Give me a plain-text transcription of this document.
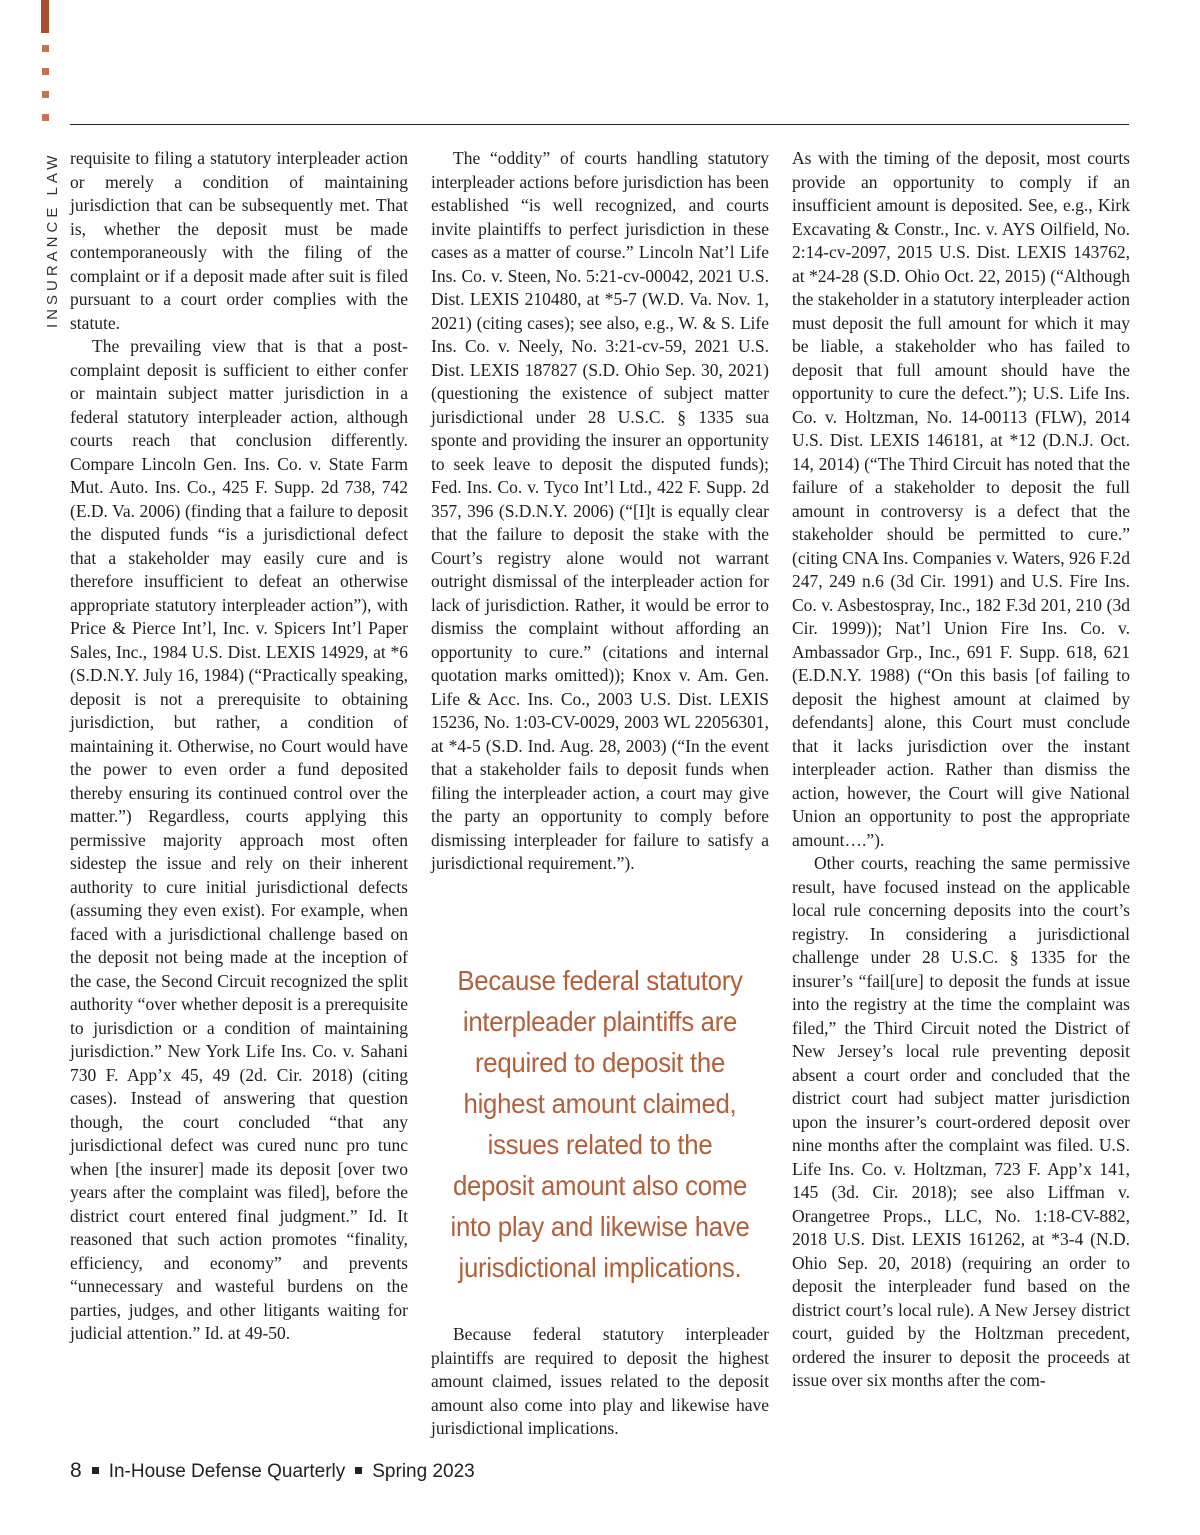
INSURANCE LAW requisite to filing a statutory interpleader action or merely a condition of maintaining jurisdiction that can be subsequently met. That is, whether the deposit must be made contemporaneously with the filing of the complaint or if a deposit made after suit is filed pursuant to a court order complies with the statute.

The prevailing view that is that a post-complaint deposit is sufficient to either confer or maintain subject matter jurisdiction in a federal statutory interpleader action, although courts reach that conclusion differently. Compare Lincoln Gen. Ins. Co. v. State Farm Mut. Auto. Ins. Co., 425 F. Supp. 2d 738, 742 (E.D. Va. 2006) (finding that a failure to deposit the disputed funds “is a jurisdictional defect that a stakeholder may easily cure and is therefore insufficient to defeat an otherwise appropriate statutory interpleader action”), with Price & Pierce Int’l, Inc. v. Spicers Int’l Paper Sales, Inc., 1984 U.S. Dist. LEXIS 14929, at *6 (S.D.N.Y. July 16, 1984) (“Practically speaking, deposit is not a prerequisite to obtaining jurisdiction, but rather, a condition of maintaining it. Otherwise, no Court would have the power to even order a fund deposited thereby ensuring its continued control over the matter.”) Regardless, courts applying this permissive majority approach most often sidestep the issue and rely on their inherent authority to cure initial jurisdictional defects (assuming they even exist). For example, when faced with a jurisdictional challenge based on the deposit not being made at the inception of the case, the Second Circuit recognized the split authority “over whether deposit is a prerequisite to jurisdiction or a condition of maintaining jurisdiction.” New York Life Ins. Co. v. Sahani 730 F. App’x 45, 49 (2d. Cir. 2018) (citing cases). Instead of answering that question though, the court concluded “that any jurisdictional defect was cured nunc pro tunc when [the insurer] made its deposit [over two years after the complaint was filed], before the district court entered final judgment.” Id. It reasoned that such action promotes “finality, efficiency, and economy” and prevents “unnecessary and wasteful burdens on the parties, judges, and other litigants waiting for judicial attention.” Id. at 49-50.

The “oddity” of courts handling statutory interpleader actions before jurisdiction has been established “is well recognized, and courts invite plaintiffs to perfect jurisdiction in these cases as a matter of course.” Lincoln Nat’l Life Ins. Co. v. Steen, No. 5:21-cv-00042, 2021 U.S. Dist. LEXIS 210480, at *5-7 (W.D. Va. Nov. 1, 2021) (citing cases); see also, e.g., W. & S. Life Ins. Co. v. Neely, No. 3:21-cv-59, 2021 U.S. Dist. LEXIS 187827 (S.D. Ohio Sep. 30, 2021) (questioning the existence of subject matter jurisdictional under 28 U.S.C. § 1335 sua sponte and providing the insurer an opportunity to seek leave to deposit the disputed funds); Fed. Ins. Co. v. Tyco Int’l Ltd., 422 F. Supp. 2d 357, 396 (S.D.N.Y. 2006) (“[I]t is equally clear that the failure to deposit the stake with the Court’s registry alone would not warrant outright dismissal of the interpleader action for lack of jurisdiction. Rather, it would be error to dismiss the complaint without affording an opportunity to cure.” (citations and internal quotation marks omitted)); Knox v. Am. Gen. Life & Acc. Ins. Co., 2003 U.S. Dist. LEXIS 15236, No. 1:03-CV-0029, 2003 WL 22056301, at *4-5 (S.D. Ind. Aug. 28, 2003) (“In the event that a stakeholder fails to deposit funds when filing the interpleader action, a court may give the party an opportunity to comply before dismissing interpleader for failure to satisfy a jurisdictional requirement.”).

Because federal statutory interpleader plaintiffs are required to deposit the highest amount claimed, issues related to the deposit amount also come into play and likewise have jurisdictional implications.

Because federal statutory interpleader plaintiffs are required to deposit the highest amount claimed, issues related to the deposit amount also come into play and likewise have jurisdictional implications.

As with the timing of the deposit, most courts provide an opportunity to comply if an insufficient amount is deposited. See, e.g., Kirk Excavating & Constr., Inc. v. AYS Oilfield, No. 2:14-cv-2097, 2015 U.S. Dist. LEXIS 143762, at *24-28 (S.D. Ohio Oct. 22, 2015) (“Although the stakeholder in a statutory interpleader action must deposit the full amount for which it may be liable, a stakeholder who has failed to deposit that full amount should have the opportunity to cure the defect.”); U.S. Life Ins. Co. v. Holtzman, No. 14-00113 (FLW), 2014 U.S. Dist. LEXIS 146181, at *12 (D.N.J. Oct. 14, 2014) (“The Third Circuit has noted that the failure of a stakeholder to deposit the full amount in controversy is a defect that the stakeholder should be permitted to cure.” (citing CNA Ins. Companies v. Waters, 926 F.2d 247, 249 n.6 (3d Cir. 1991) and U.S. Fire Ins. Co. v. Asbestospray, Inc., 182 F.3d 201, 210 (3d Cir. 1999)); Nat’l Union Fire Ins. Co. v. Ambassador Grp., Inc., 691 F. Supp. 618, 621 (E.D.N.Y. 1988) (“On this basis [of failing to deposit the highest amount at claimed by defendants] alone, this Court must conclude that it lacks jurisdiction over the instant interpleader action. Rather than dismiss the action, however, the Court will give National Union an opportunity to post the appropriate amount….”).

Other courts, reaching the same permissive result, have focused instead on the applicable local rule concerning deposits into the court’s registry. In considering a jurisdictional challenge under 28 U.S.C. § 1335 for the insurer’s “fail[ure] to deposit the funds at issue into the registry at the time the complaint was filed,” the Third Circuit noted the District of New Jersey’s local rule preventing deposit absent a court order and concluded that the district court had subject matter jurisdiction upon the insurer’s court-ordered deposit over nine months after the complaint was filed. U.S. Life Ins. Co. v. Holtzman, 723 F. App’x 141, 145 (3d. Cir. 2018); see also Liffman v. Orangetree Props., LLC, No. 1:18-CV-882, 2018 U.S. Dist. LEXIS 161262, at *3-4 (N.D. Ohio Sep. 20, 2018) (requiring an order to deposit the interpleader fund based on the district court’s local rule). A New Jersey district court, guided by the Holtzman precedent, ordered the insurer to deposit the proceeds at issue over six months after the com-

8 In-House Defense Quarterly Spring 2023
